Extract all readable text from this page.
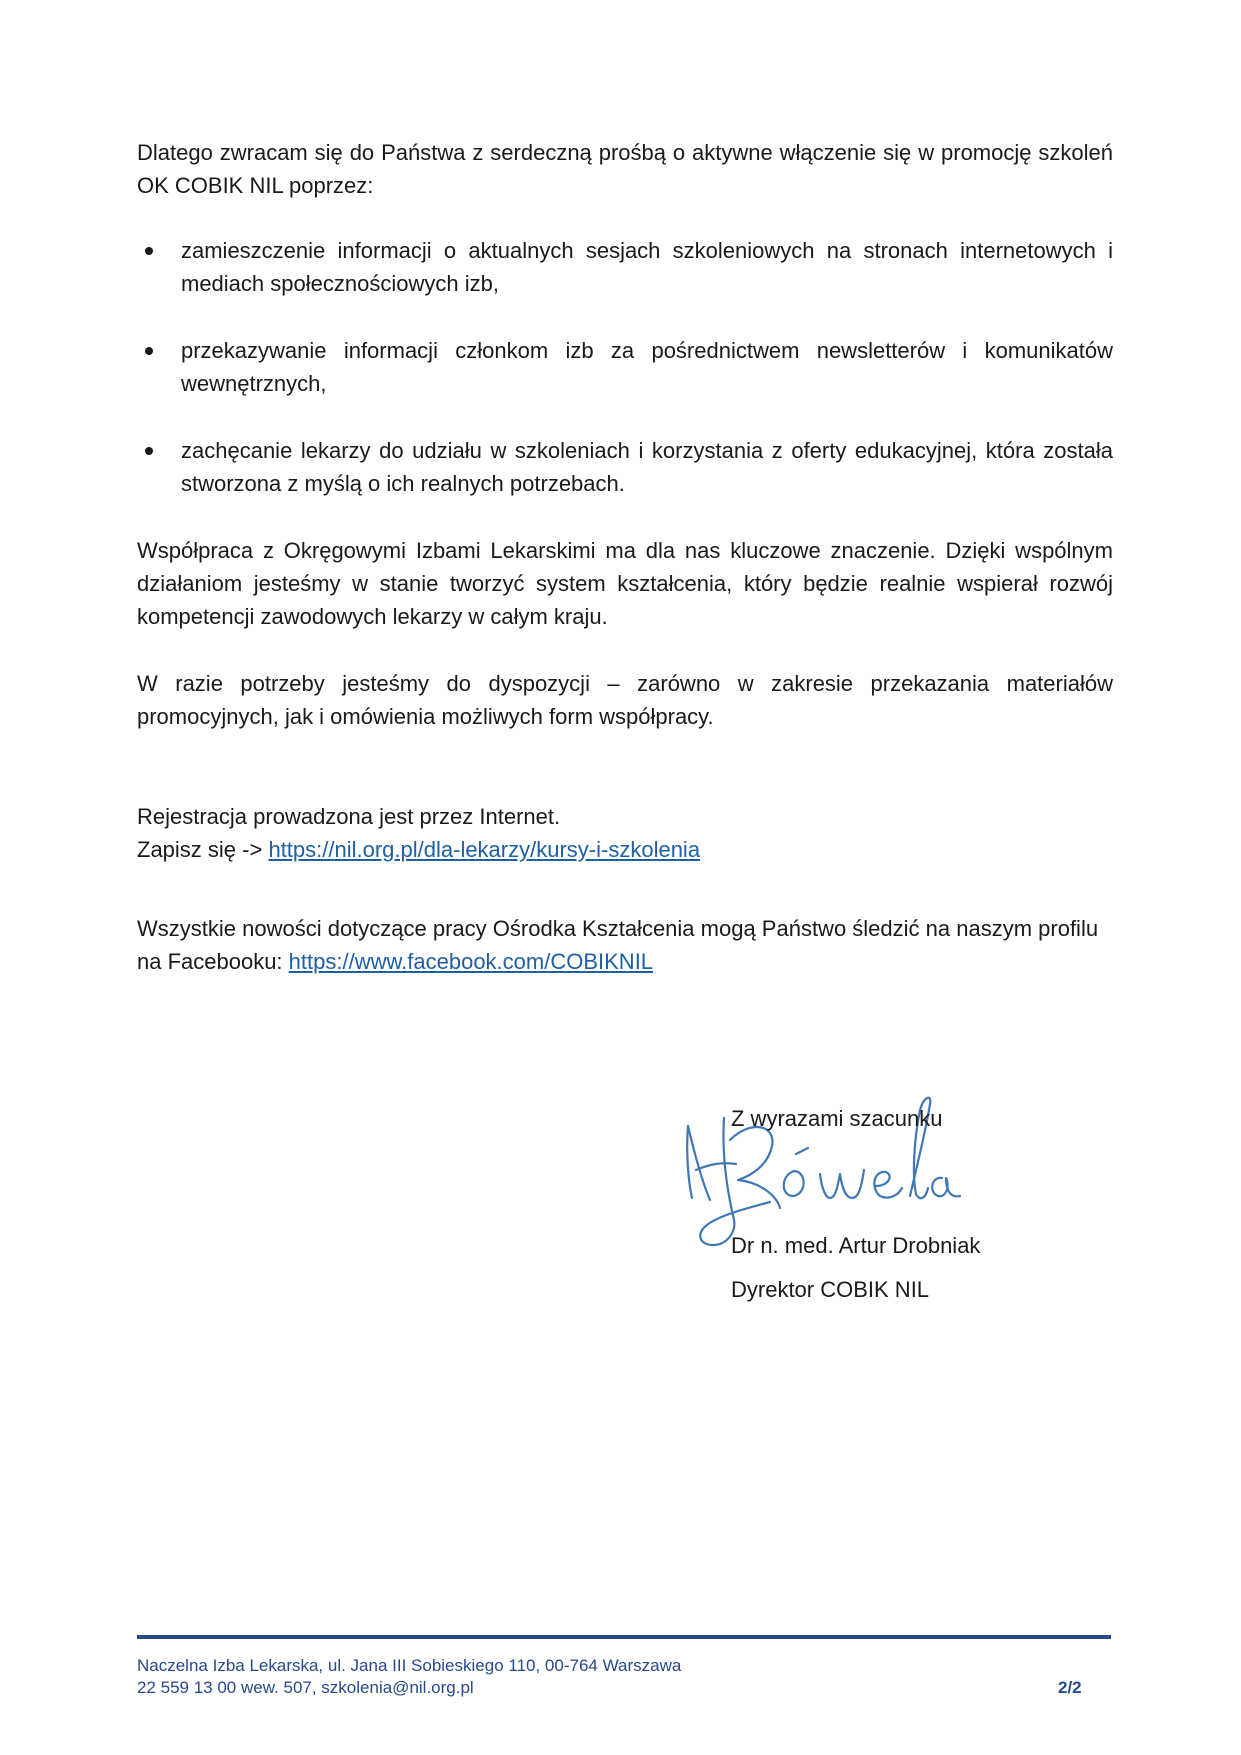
Dlatego zwracam się do Państwa z serdeczną prośbą o aktywne włączenie się w promocję szkoleń OK COBIK NIL poprzez:
zamieszczenie informacji o aktualnych sesjach szkoleniowych na stronach internetowych i mediach społecznościowych izb,
przekazywanie informacji członkom izb za pośrednictwem newsletterów i komunikatów wewnętrznych,
zachęcanie lekarzy do udziału w szkoleniach i korzystania z oferty edukacyjnej, która została stworzona z myślą o ich realnych potrzebach.
Współpraca z Okręgowymi Izbami Lekarskimi ma dla nas kluczowe znaczenie. Dzięki wspólnym działaniom jesteśmy w stanie tworzyć system kształcenia, który będzie realnie wspierał rozwój kompetencji zawodowych lekarzy w całym kraju.
W razie potrzeby jesteśmy do dyspozycji – zarówno w zakresie przekazania materiałów promocyjnych, jak i omówienia możliwych form współpracy.
Rejestracja prowadzona jest przez Internet.
Zapisz się -> https://nil.org.pl/dla-lekarzy/kursy-i-szkolenia
Wszystkie nowości dotyczące pracy Ośrodka Kształcenia mogą Państwo śledzić na naszym profilu na Facebooku: https://www.facebook.com/COBIKNIL
Z wyrazami szacunku
Dr n. med. Artur Drobniak
Dyrektor COBIK NIL
Naczelna Izba Lekarska, ul. Jana III Sobieskiego 110, 00-764 Warszawa
22 559 13 00 wew. 507, szkolenia@nil.org.pl	2/2
